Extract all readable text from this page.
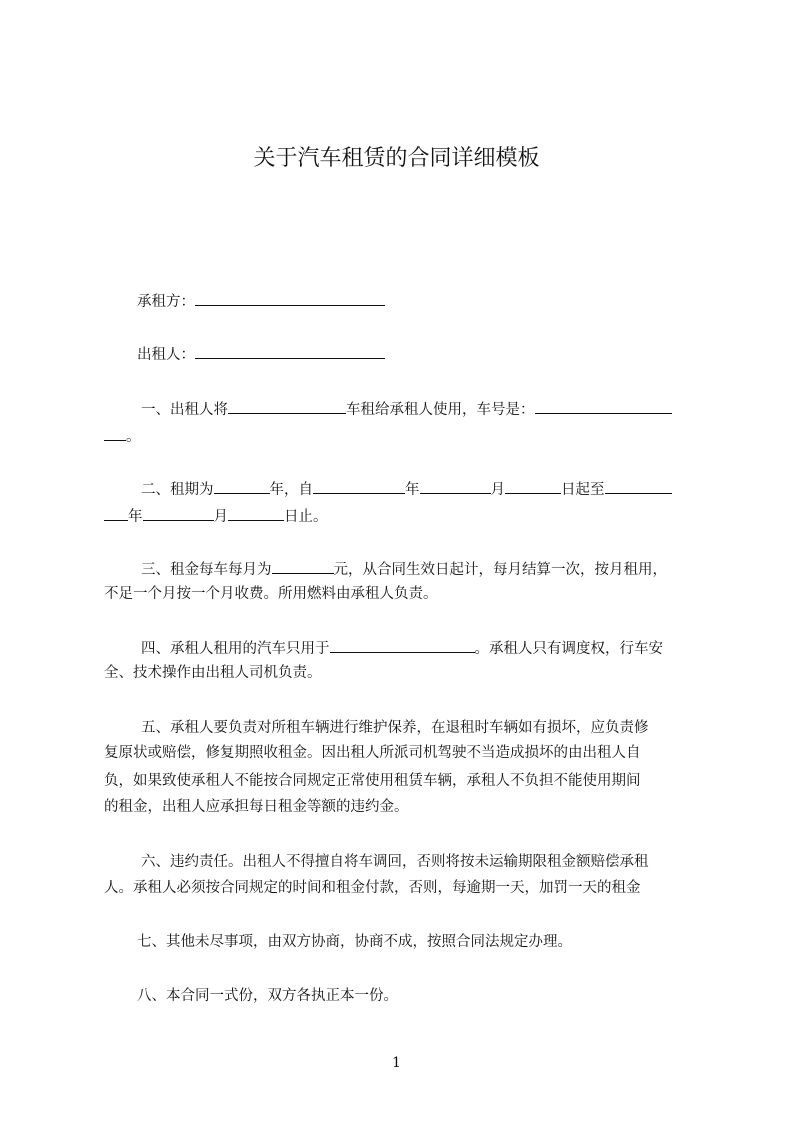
关于汽车租赁的合同详细模板
承租方：
出租人：
一、出租人将	车租给承租人使用，车号是：
。
二、租期为	年，自	年	月	日起至
年	月	日止。
三、租金每车每月为	元，从合同生效日起计，每月结算一次，按月租用，
不足一个月按一个月收费。所用燃料由承租人负责。
四、承租人租用的汽车只用于	。承租人只有调度权，行车安
全、技术操作由出租人司机负责。
五、承租人要负责对所租车辆进行维护保养，在退租时车辆如有损坏，应负责修
复原状或赔偿，修复期照收租金。因出租人所派司机驾驶不当造成损坏的由出租人自
负，如果致使承租人不能按合同规定正常使用租赁车辆，承租人不负担不能使用期间
的租金，出租人应承担每日租金等额的违约金。
六、违约责任。出租人不得擅自将车调回，否则将按未运输期限租金额赔偿承租
人。承租人必须按合同规定的时间和租金付款，否则，每逾期一天，加罚一天的租金
七、其他未尽事项，由双方协商，协商不成，按照合同法规定办理。
八、本合同一式份，双方各执正本一份。
1
